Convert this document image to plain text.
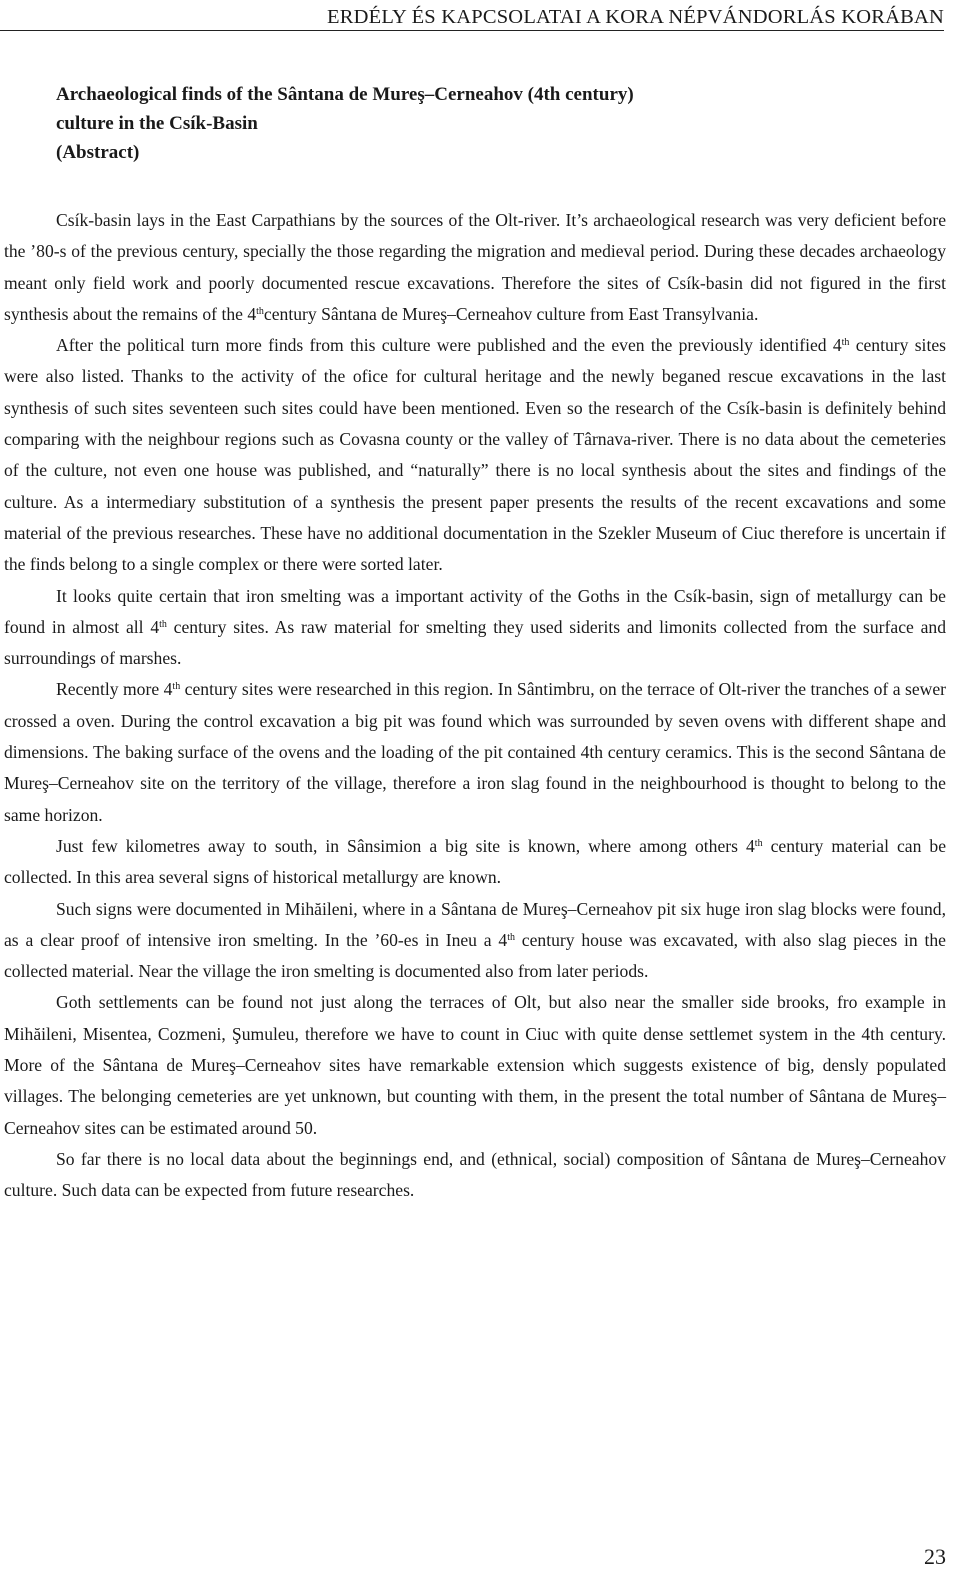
ERDÉLY ÉS KAPCSOLATAI A KORA NÉPVÁNDORLÁS KORÁBAN
Archaeological finds of the Sântana de Mureş–Cerneahov (4th century)
culture in the Csík-Basin
(Abstract)

Csík-basin lays in the East Carpathians by the sources of the Olt-river. It’s archaeological research was very deficient before the ’80-s of the previous century, specially the those regarding the migration and medieval period. During these decades archaeology meant only field work and poorly documented rescue excavations. Therefore the sites of Csík-basin did not figured in the first synthesis about the remains of the 4thcentury Sântana de Mureş–Cerneahov culture from East Transylvania.

After the political turn more finds from this culture were published and the even the previously identified 4th century sites were also listed. Thanks to the activity of the ofice for cultural heritage and the newly beganed rescue excavations in the last synthesis of such sites seventeen such sites could have been mentioned. Even so the research of the Csík-basin is definitely behind comparing with the neighbour regions such as Covasna county or the valley of Târnava-river. There is no data about the cemeteries of the culture, not even one house was published, and “naturally” there is no local synthesis about the sites and findings of the culture. As a intermediary substitution of a synthesis the present paper presents the results of the recent excavations and some material of the previous researches. These have no additional documentation in the Szekler Museum of Ciuc therefore is uncertain if the finds belong to a single complex or there were sorted later.

It looks quite certain that iron smelting was a important activity of the Goths in the Csík-basin, sign of metallurgy can be found in almost all 4th century sites. As raw material for smelting they used siderits and limonits collected from the surface and surroundings of marshes.

Recently more 4th century sites were researched in this region. In Sântimbru, on the terrace of Olt-river the tranches of a sewer crossed a oven. During the control excavation a big pit was found which was surrounded by seven ovens with different shape and dimensions. The baking surface of the ovens and the loading of the pit contained 4th century ceramics. This is the second Sântana de Mureş–Cerneahov site on the territory of the village, therefore a iron slag found in the neighbourhood is thought to belong to the same horizon.

Just few kilometres away to south, in Sânsimion a big site is known, where among others 4th century material can be collected. In this area several signs of historical metallurgy are known.

Such signs were documented in Mihăileni, where in a Sântana de Mureş–Cerneahov pit six huge iron slag blocks were found, as a clear proof of intensive iron smelting. In the ’60-es in Ineu a 4th century house was excavated, with also slag pieces in the collected material. Near the village the iron smelting is documented also from later periods.

Goth settlements can be found not just along the terraces of Olt, but also near the smaller side brooks, fro example in Mihăileni, Misentea, Cozmeni, Şumuleu, therefore we have to count in Ciuc with quite dense settlemet system in the 4th century. More of the Sântana de Mureş–Cerneahov sites have remarkable extension which suggests existence of big, densly populated villages. The belonging cemeteries are yet unknown, but counting with them, in the present the total number of Sântana de Mureş–Cerneahov sites can be estimated around 50.

So far there is no local data about the beginnings end, and (ethnical, social) composition of Sântana de Mureş–Cerneahov culture. Such data can be expected from future researches.

23
